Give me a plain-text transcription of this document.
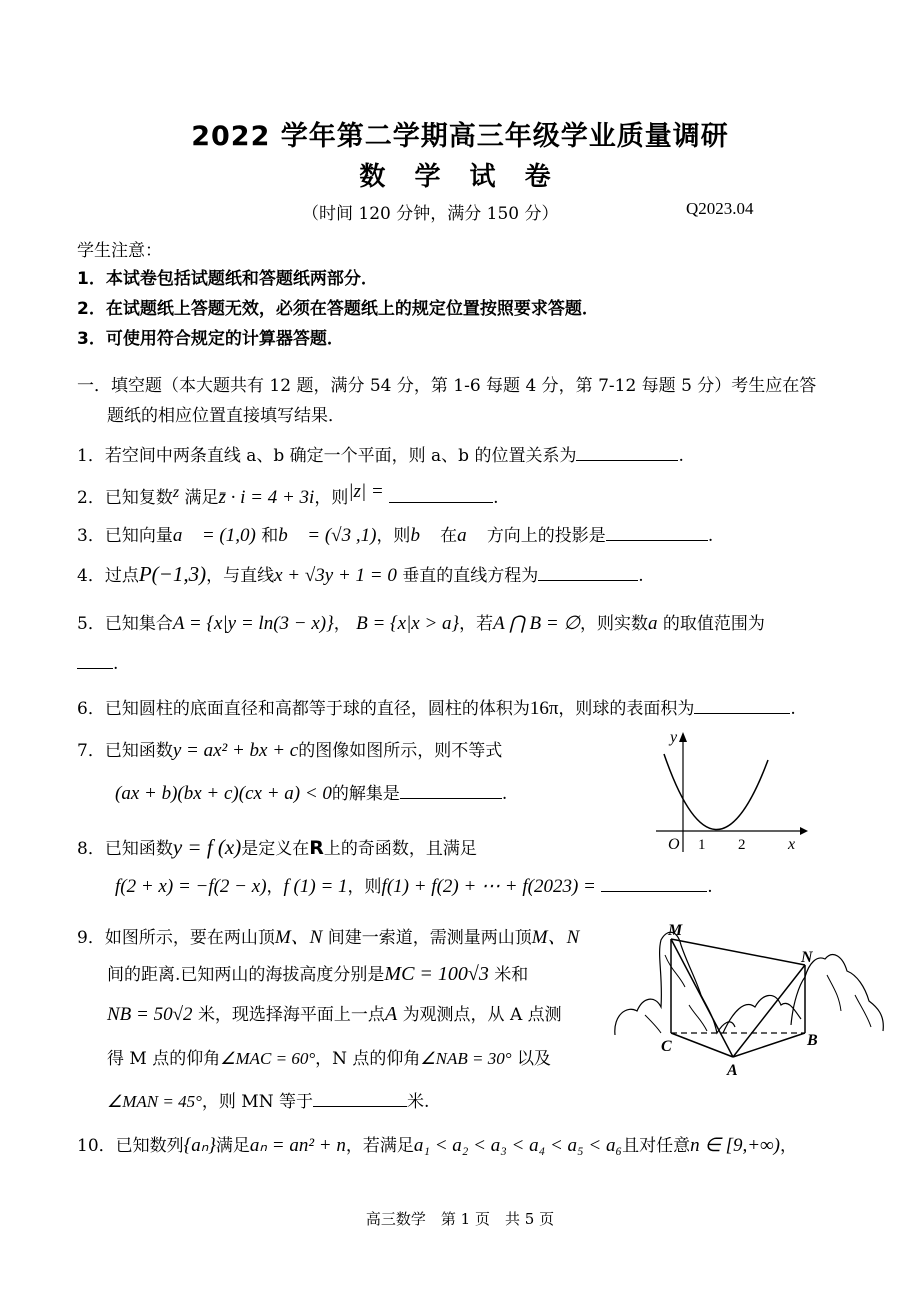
2022 学年第二学期高三年级学业质量调研
数 学 试 卷
（时间 120 分钟，满分 150 分）	Q2023.04
学生注意：
1．本试卷包括试题纸和答题纸两部分．
2．在试题纸上答题无效，必须在答题纸上的规定位置按照要求答题．
3．可使用符合规定的计算器答题．
一．填空题（本大题共有 12 题，满分 54 分，第 1-6 每题 4 分，第 7-12 每题 5 分）考生应在答
题纸的相应位置直接填写结果．
1．若空间中两条直线 a、b 确定一个平面，则 a、b 的位置关系为	.
2．已知复数z 满足z̄ · i = 4 + 3i，则|z| =	.
3．已知向量a⃗ = (1,0) 和b⃗ = (√3 ,1)，则b⃗ 在a⃗ 方向上的投影是	.
4．过点P(−1,3)，与直线x + √3y + 1 = 0 垂直的直线方程为	.
5．已知集合A = {x|y = ln(3 − x)}， B = {x|x > a}，若A ⋂ B = ∅，则实数a 的取值范围为
.
6．已知圆柱的底面直径和高都等于球的直径，圆柱的体积为16π，则球的表面积为	.
7．已知函数y = ax² + bx + c的图像如图所示，则不等式
(ax + b)(bx + c)(cx + a) < 0的解集是	.
y
O 1 2	x
8．已知函数y = f (x)是定义在R上的奇函数，且满足
f(2 + x) = −f(2 − x)，f (1) = 1，则f(1) + f(2) + ⋯ + f(2023) =	.
9．如图所示，要在两山顶M、N 间建一索道，需测量两山顶M、N
间的距离.已知两山的海拔高度分别是MC = 100√3 米和
NB = 50√2 米，现选择海平面上一点A 为观测点，从 A 点测
得 M 点的仰角∠MAC = 60°，N 点的仰角∠NAB = 30° 以及
∠MAN = 45°，则 MN 等于	米.
M
N
C
A
B
10．已知数列{aₙ}满足aₙ = an² + n，若满足a₁ < a₂ < a₃ < a₄ < a₅ < a₆且对任意n ∈ [9,+∞)，
高三数学　第 1 页　共 5 页
